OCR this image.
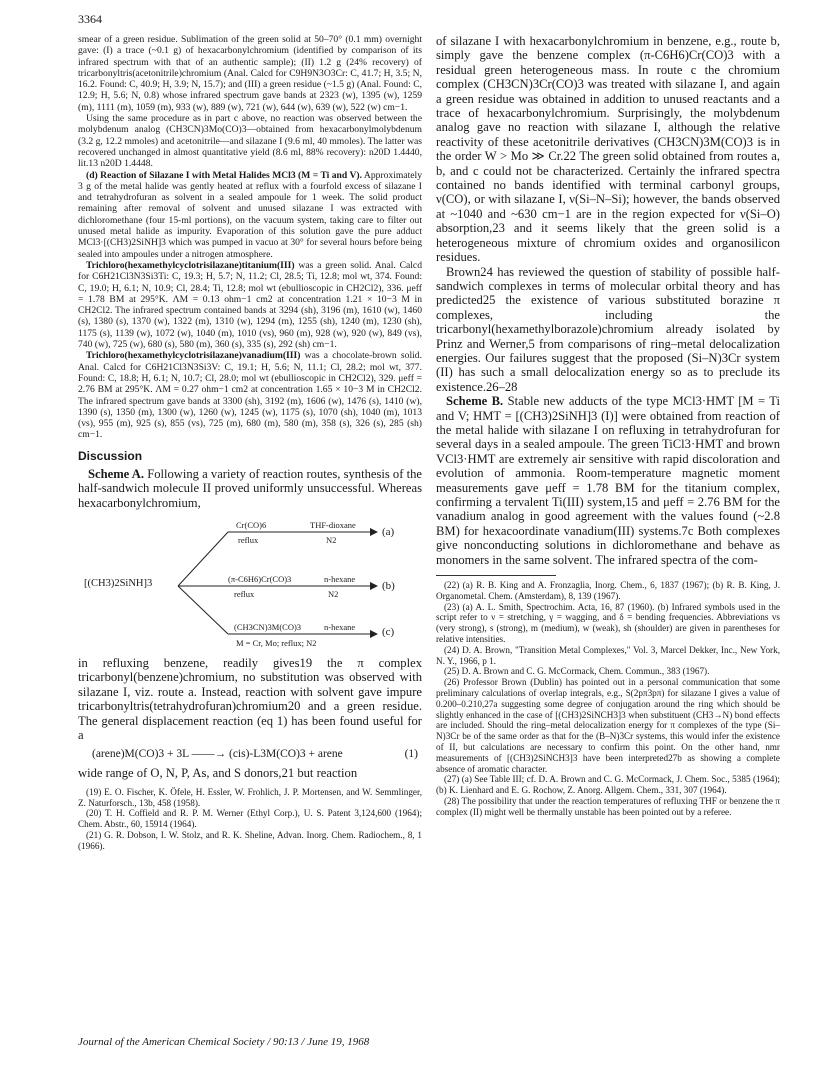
3364

smear of a green residue. Sublimation of the green solid at 50–70° (0.1 mm) overnight gave: (I) a trace (~0.1 g) of hexacarbonylchromium (identified by comparison of its infrared spectrum with that of an authentic sample); (II) 1.2 g (24% recovery) of tricarbonyltris(acetonitrile)chromium (Anal. Calcd for C9H9N3O3Cr: C, 41.7; H, 3.5; N, 16.2. Found: C, 40.9; H, 3.9; N, 15.7); and (III) a green residue (~1.5 g) (Anal. Found: C, 12.9; H, 5.6; N, 0.8) whose infrared spectrum gave bands at 2323 (w), 1395 (w), 1259 (m), 1111 (m), 1059 (m), 933 (w), 889 (w), 721 (w), 644 (w), 639 (w), 522 (w) cm−1.

Using the same procedure as in part c above, no reaction was observed between the molybdenum analog (CH3CN)3Mo(CO)3—obtained from hexacarbonylmolybdenum (3.2 g, 12.2 mmoles) and acetonitrile—and silazane I (9.6 ml, 40 mmoles). The latter was recovered unchanged in almost quantitative yield (8.6 ml, 88% recovery): n20D 1.4440, lit.13 n20D 1.4448.

(d) Reaction of Silazane I with Metal Halides MCl3 (M = Ti and V). Approximately 3 g of the metal halide was gently heated at reflux with a fourfold excess of silazane I and tetrahydrofuran as solvent in a sealed ampoule for 1 week. The solid product remaining after removal of solvent and unused silazane I was extracted with dichloromethane (four 15-ml portions), on the vacuum system, taking care to filter out unused metal halide as impurity. Evaporation of this solution gave the pure adduct MCl3·[(CH3)2SiNH]3 which was pumped in vacuo at 30° for several hours before being sealed into ampoules under a nitrogen atmosphere.

Trichloro(hexamethylcyclotrisilazane)titanium(III) was a green solid. Anal. Calcd for C6H21Cl3N3Si3Ti: C, 19.3; H, 5.7; N, 11.2; Cl, 28.5; Ti, 12.8; mol wt, 374. Found: C, 19.0; H, 6.1; N, 10.9; Cl, 28.4; Ti, 12.8; mol wt (ebullioscopic in CH2Cl2), 336. μeff = 1.78 BM at 295°K. ΛM = 0.13 ohm−1 cm2 at concentration 1.21 × 10−3 M in CH2Cl2. The infrared spectrum contained bands at 3294 (sh), 3196 (m), 1610 (w), 1460 (s), 1380 (s), 1370 (w), 1322 (m), 1310 (w), 1294 (m), 1255 (sh), 1240 (m), 1230 (sh), 1175 (s), 1139 (w), 1072 (w), 1040 (m), 1010 (vs), 960 (m), 928 (w), 920 (w), 849 (vs), 740 (w), 725 (w), 680 (s), 580 (m), 360 (s), 335 (s), 292 (sh) cm−1.

Trichloro(hexamethylcyclotrisilazane)vanadium(III) was a chocolate-brown solid. Anal. Calcd for C6H21Cl3N3Si3V: C, 19.1; H, 5.6; N, 11.1; Cl, 28.2; mol wt, 377. Found: C, 18.8; H, 6.1; N, 10.7; Cl, 28.0; mol wt (ebullioscopic in CH2Cl2), 329. μeff = 2.76 BM at 295°K. ΛM = 0.27 ohm−1 cm2 at concentration 1.65 × 10−3 M in CH2Cl2. The infrared spectrum gave bands at 3300 (sh), 3192 (m), 1606 (w), 1476 (s), 1410 (w), 1390 (s), 1350 (m), 1300 (w), 1260 (w), 1245 (w), 1175 (s), 1070 (sh), 1040 (m), 1013 (vs), 955 (m), 925 (s), 855 (vs), 725 (m), 680 (m), 580 (m), 358 (s), 326 (s), 285 (sh) cm−1.

Discussion

Scheme A. Following a variety of reaction routes, synthesis of the half-sandwich molecule II proved uniformly unsuccessful. Whereas hexacarbonylchromium,

[(CH3)2SiNH]3
Cr(CO)6	THF-dioxane
reflux	N2
(a)
(π-C6H6)Cr(CO)3	n-hexane
reflux	N2
(b)
(CH3CN)3M(CO)3	n-hexane
M = Cr, Mo; reflux; N2
(c)

in refluxing benzene, readily gives19 the π complex tricarbonyl(benzene)chromium, no substitution was observed with silazane I, viz. route a. Instead, reaction with solvent gave impure tricarbonyltris(tetrahydrofuran)chromium20 and a green residue. The general displacement reaction (eq 1) has been found useful for a

(arene)M(CO)3 + 3L ——→ (cis)-L3M(CO)3 + arene	(1)

wide range of O, N, P, As, and S donors,21 but reaction

(19) E. O. Fischer, K. Öfele, H. Essler, W. Frohlich, J. P. Mortensen, and W. Semmlinger, Z. Naturforsch., 13b, 458 (1958).

(20) T. H. Coffield and R. P. M. Werner (Ethyl Corp.), U. S. Patent 3,124,600 (1964); Chem. Abstr., 60, 15914 (1964).

(21) G. R. Dobson, I. W. Stolz, and R. K. Sheline, Advan. Inorg. Chem. Radiochem., 8, 1 (1966).

of silazane I with hexacarbonylchromium in benzene, e.g., route b, simply gave the benzene complex (π-C6H6)Cr(CO)3 with a residual green heterogeneous mass. In route c the chromium complex (CH3CN)3Cr(CO)3 was treated with silazane I, and again a green residue was obtained in addition to unused reactants and a trace of hexacarbonylchromium. Surprisingly, the molybdenum analog gave no reaction with silazane I, although the relative reactivity of these acetonitrile derivatives (CH3CN)3M(CO)3 is in the order W > Mo ≫ Cr.22 The green solid obtained from routes a, b, and c could not be characterized. Certainly the infrared spectra contained no bands identified with terminal carbonyl groups, ν(CO), or with silazane I, ν(Si–N–Si); however, the bands observed at ~1040 and ~630 cm−1 are in the region expected for ν(Si–O) absorption,23 and it seems likely that the green solid is a heterogeneous mixture of chromium oxides and organosilicon residues.

Brown24 has reviewed the question of stability of possible half-sandwich complexes in terms of molecular orbital theory and has predicted25 the existence of various substituted borazine π complexes, including the tricarbonyl(hexamethylborazole)chromium already isolated by Prinz and Werner,5 from comparisons of ring–metal delocalization energies. Our failures suggest that the proposed (Si–N)3Cr system (II) has such a small delocalization energy so as to preclude its existence.26–28

Scheme B. Stable new adducts of the type MCl3·HMT [M = Ti and V; HMT = [(CH3)2SiNH]3 (I)] were obtained from reaction of the metal halide with silazane I on refluxing in tetrahydrofuran for several days in a sealed ampoule. The green TiCl3·HMT and brown VCl3·HMT are extremely air sensitive with rapid discoloration and evolution of ammonia. Room-temperature magnetic moment measurements gave μeff = 1.78 BM for the titanium complex, confirming a tervalent Ti(III) system,15 and μeff = 2.76 BM for the vanadium analog in good agreement with the values found (~2.8 BM) for hexacoordinate vanadium(III) systems.7c Both complexes give nonconducting solutions in dichloromethane and behave as monomers in the same solvent. The infrared spectra of the com-

(22) (a) R. B. King and A. Fronzaglia, Inorg. Chem., 6, 1837 (1967); (b) R. B. King, J. Organometal. Chem. (Amsterdam), 8, 139 (1967).

(23) (a) A. L. Smith, Spectrochim. Acta, 16, 87 (1960). (b) Infrared symbols used in the script refer to ν = stretching, γ = wagging, and δ = bending frequencies. Abbreviations vs (very strong), s (strong), m (medium), w (weak), sh (shoulder) are given in parentheses for relative intensities.

(24) D. A. Brown, "Transition Metal Complexes," Vol. 3, Marcel Dekker, Inc., New York, N. Y., 1966, p 1.

(25) D. A. Brown and C. G. McCormack, Chem. Commun., 383 (1967).

(26) Professor Brown (Dublin) has pointed out in a personal communication that some preliminary calculations of overlap integrals, e.g., S(2pπ3pπ) for silazane I gives a value of 0.200–0.210,27a suggesting some degree of conjugation around the ring which should be slightly enhanced in the case of [(CH3)2SiNCH3]3 when substituent (CH3→N) bond effects are included. Should the ring–metal delocalization energy for π complexes of the type (Si–N)3Cr be of the same order as that for the (B–N)3Cr systems, this would infer the existence of II, but calculations are necessary to confirm this point. On the other hand, nmr measurements of [(CH3)2SiNCH3]3 have been interpreted27b as showing a complete absence of aromatic character.

(27) (a) See Table III; cf. D. A. Brown and C. G. McCormack, J. Chem. Soc., 5385 (1964); (b) K. Lienhard and E. G. Rochow, Z. Anorg. Allgem. Chem., 331, 307 (1964).

(28) The possibility that under the reaction temperatures of refluxing THF or benzene the π complex (II) might well be thermally unstable has been pointed out by a referee.

Journal of the American Chemical Society / 90:13 / June 19, 1968
